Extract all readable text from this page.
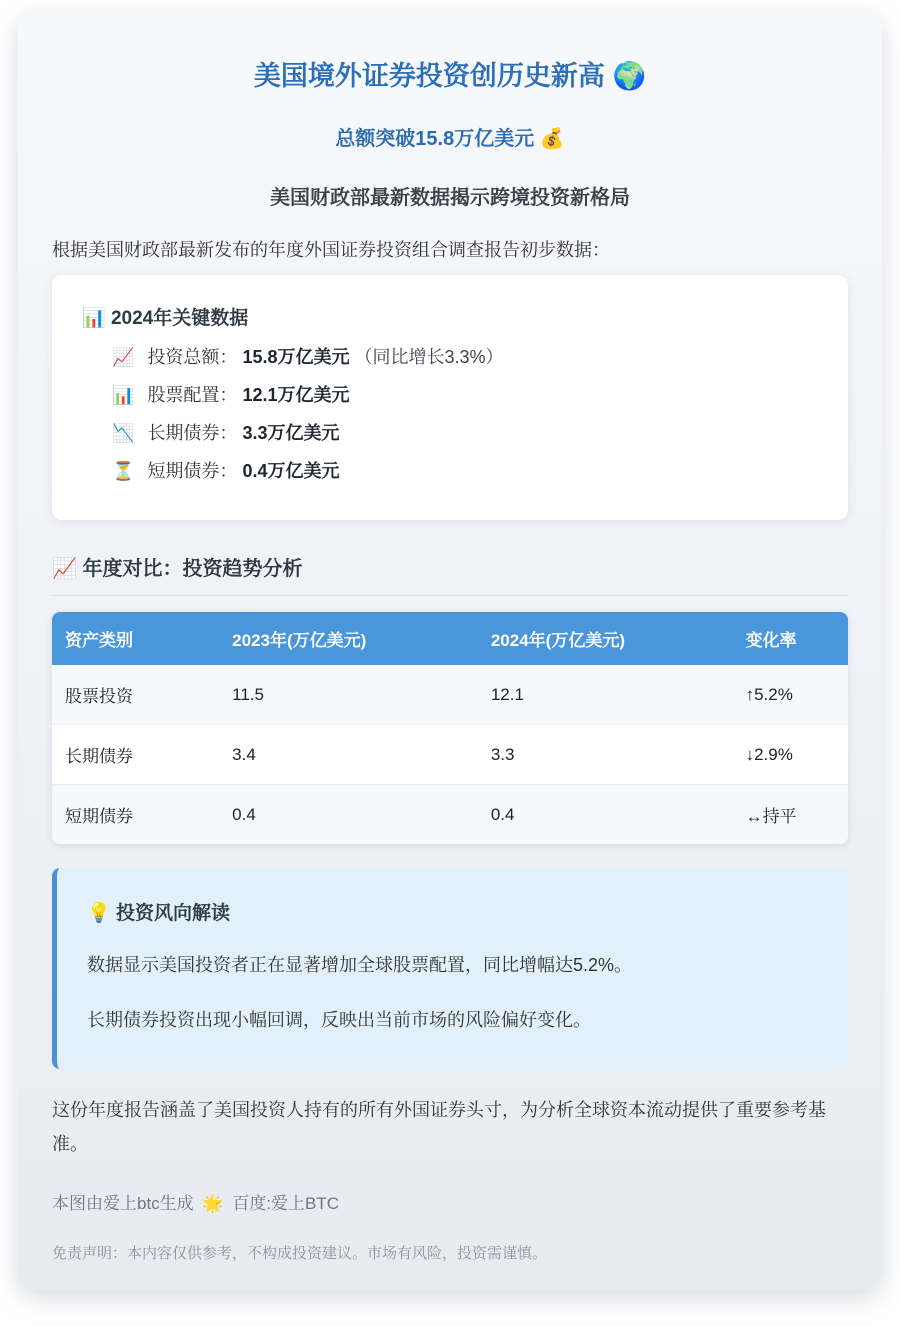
美国境外证券投资创历史新高 🌍
总额突破15.8万亿美元 💰
美国财政部最新数据揭示跨境投资新格局
根据美国财政部最新发布的年度外国证券投资组合调查报告初步数据：
📊 2024年关键数据
📈 投资总额： 15.8万亿美元 （同比增长3.3%）
📊 股票配置： 12.1万亿美元
📉 长期债券： 3.3万亿美元
⏳ 短期债券： 0.4万亿美元
📈 年度对比：投资趋势分析
资产类别	2023年(万亿美元)	2024年(万亿美元)	变化率
股票投资	11.5	12.1	↑5.2%
长期债券	3.4	3.3	↓2.9%
短期债券	0.4	0.4	↔持平
💡 投资风向解读

数据显示美国投资者正在显著增加全球股票配置，同比增幅达5.2%。

长期债券投资出现小幅回调，反映出当前市场的风险偏好变化。

这份年度报告涵盖了美国投资人持有的所有外国证券头寸，为分析全球资本流动提供了重要参考基准。
本图由爱上btc生成 🌟 百度:爱上BTC
免责声明：本内容仅供参考，不构成投资建议。市场有风险，投资需谨慎。
